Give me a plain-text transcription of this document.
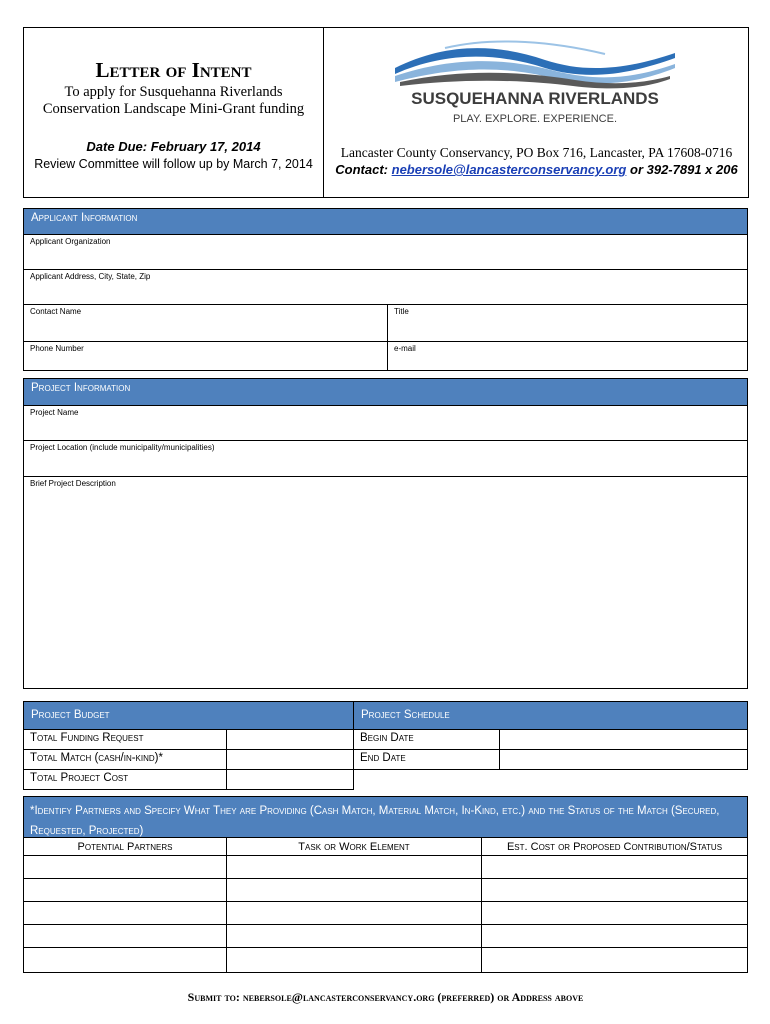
Letter of Intent
To apply for Susquehanna Riverlands
Conservation Landscape Mini-Grant funding
Date Due: February 17, 2014
Review Committee will follow up by March 7, 2014
SUSQUEHANNA RIVERLANDS
PLAY. EXPLORE. EXPERIENCE.
Lancaster County Conservancy, PO Box 716, Lancaster, PA 17608-0716
Contact: nebersole@lancasterconservancy.org or 392-7891 x 206
Applicant Information
Applicant Organization
Applicant Address, City, State, Zip
Contact Name	Title
Phone Number	e-mail
Project Information
Project Name
Project Location (include municipality/municipalities)
Brief Project Description
Project Budget	Project Schedule
Total Funding Request	Begin Date
Total Match (cash/in-kind)*	End Date
Total Project Cost
*Identify Partners and Specify What They are Providing (Cash Match, Material Match, In-Kind, etc.) and the Status of the Match (Secured, Requested, Projected)
Potential Partners	Task or Work Element	Est. Cost or Proposed Contribution/Status
Submit to: nebersole@lancasterconservancy.org (preferred) or Address above
